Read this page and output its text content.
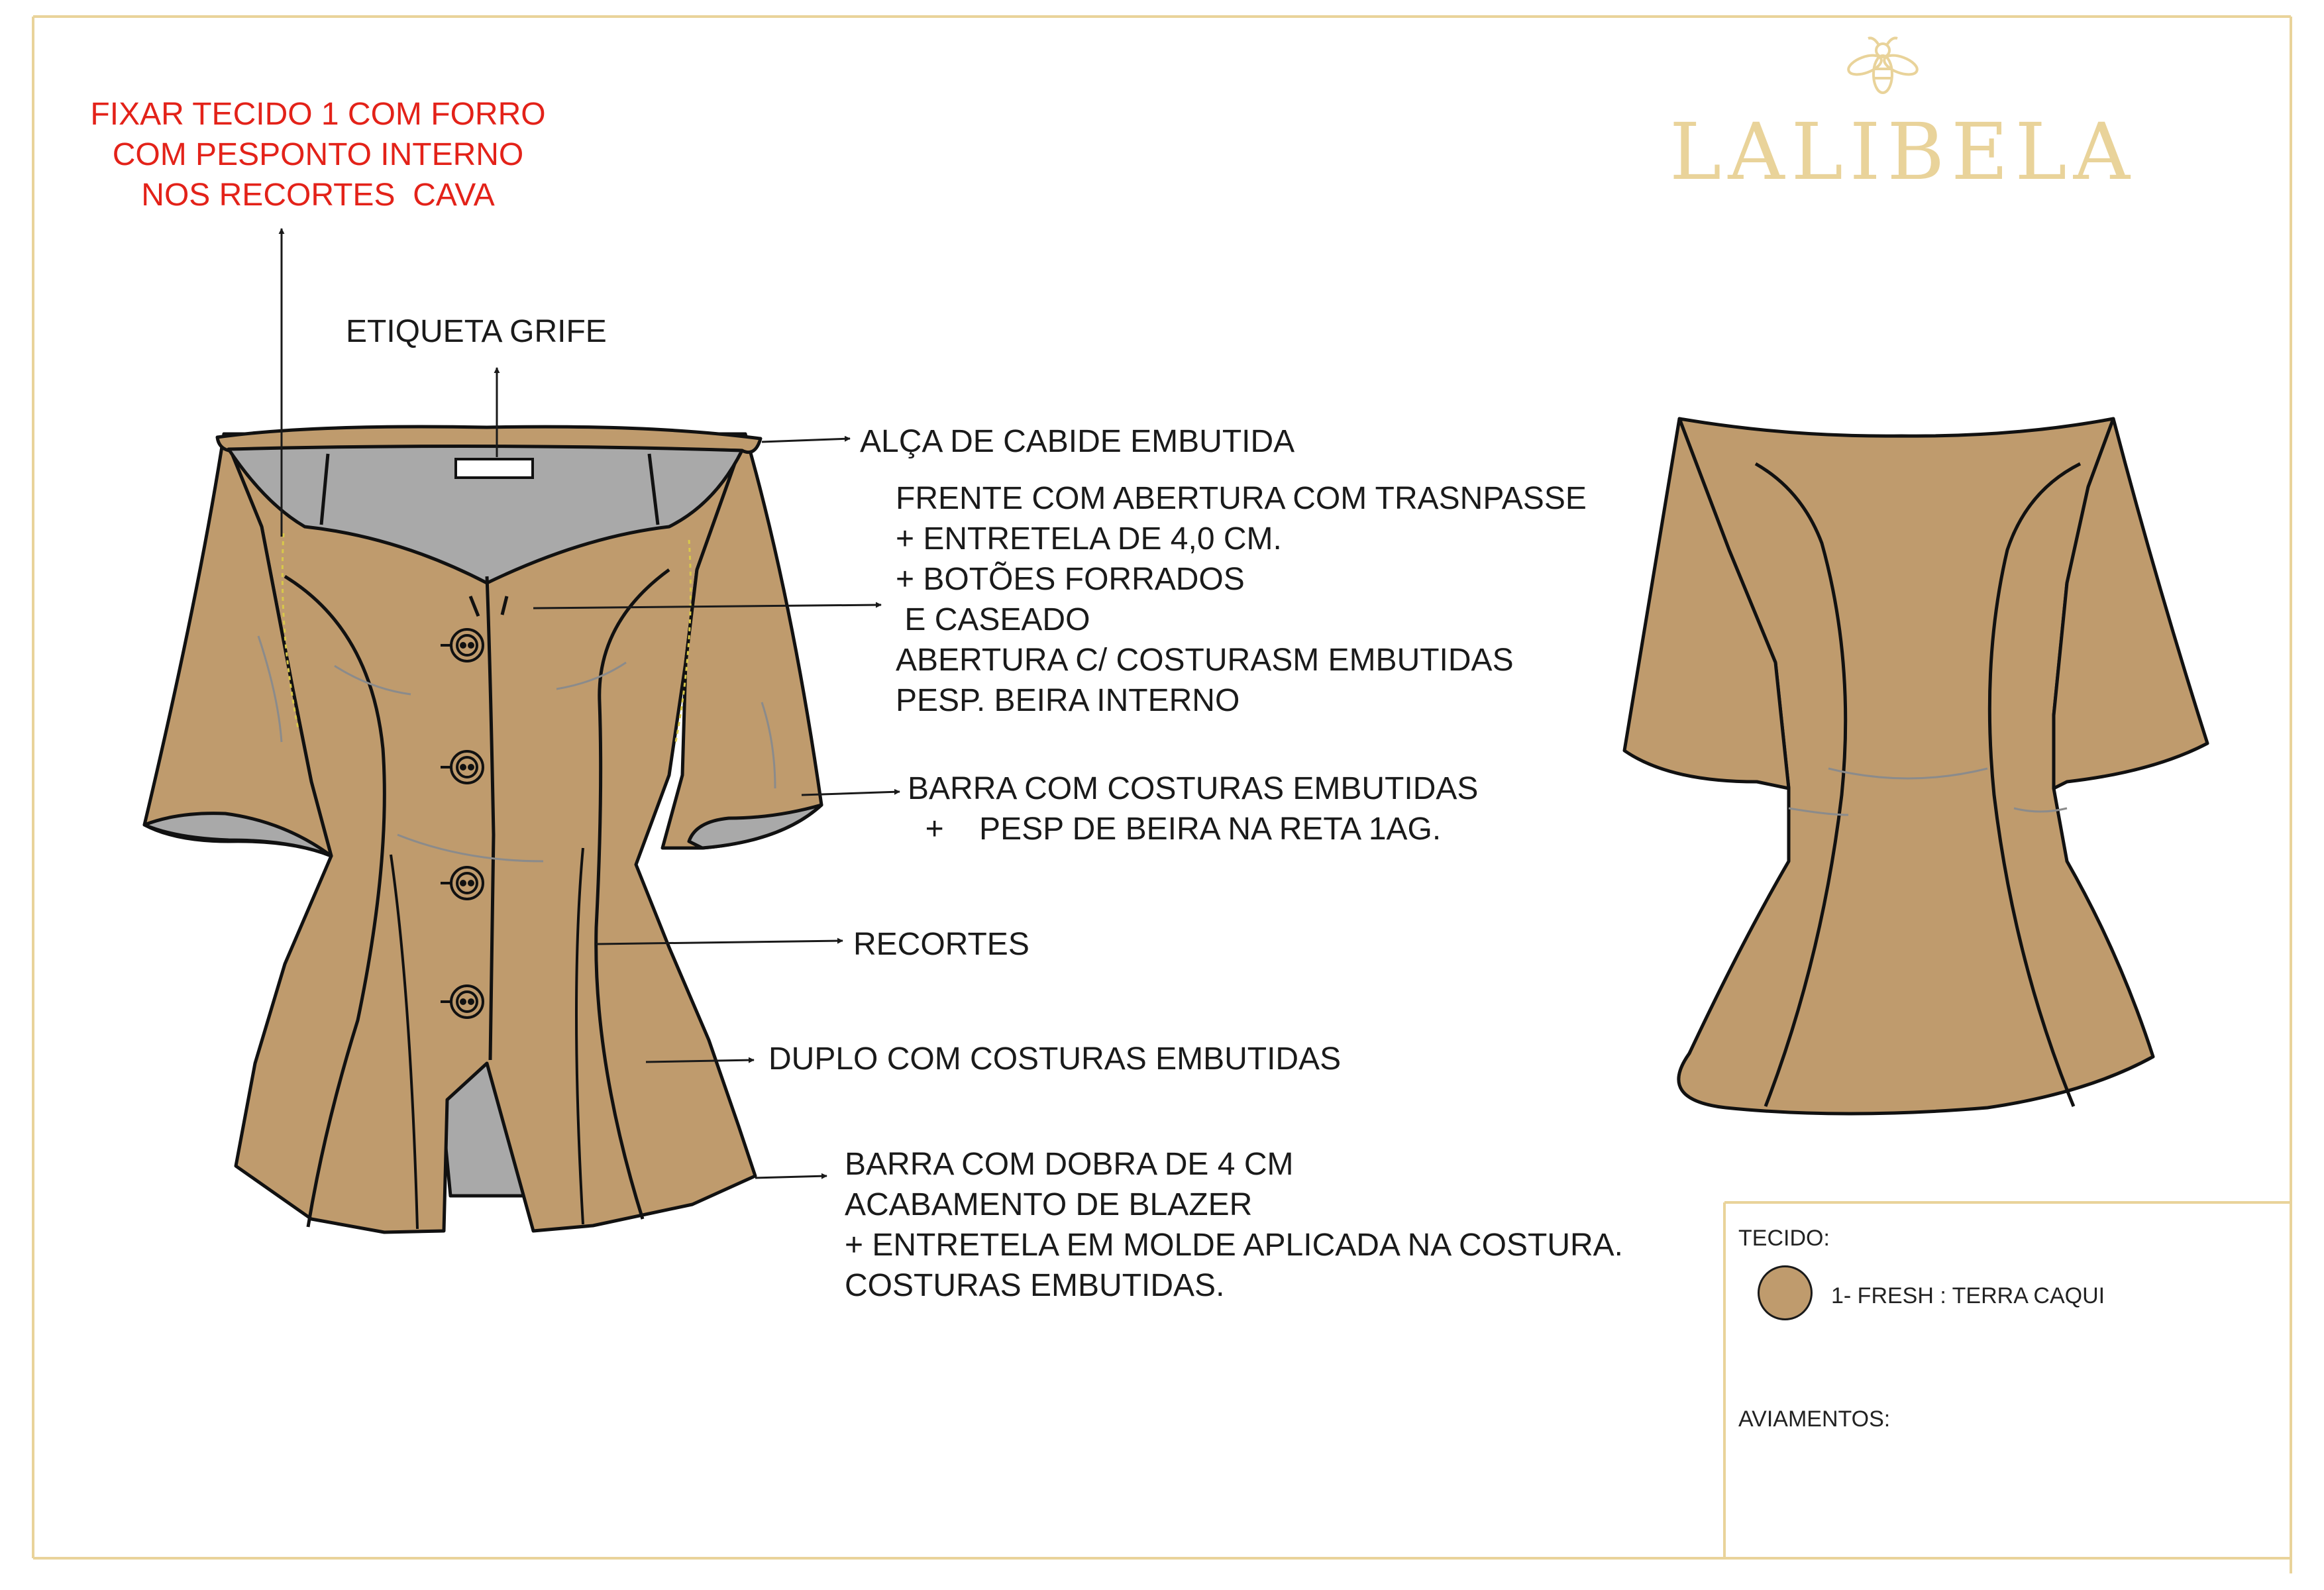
FIXAR TECIDO 1 COM FORRO
COM PESPONTO INTERNO
NOS RECORTES  CAVA
ETIQUETA GRIFE
ALÇA DE CABIDE EMBUTIDA
FRENTE COM ABERTURA COM TRASNPASSE
+ ENTRETELA DE 4,0 CM.
+ BOTÕES FORRADOS
E CASEADO
ABERTURA C/ COSTURASM EMBUTIDAS
PESP. BEIRA INTERNO
BARRA COM COSTURAS EMBUTIDAS
+    PESP DE BEIRA NA RETA 1AG.
RECORTES
DUPLO COM COSTURAS EMBUTIDAS
BARRA COM DOBRA DE 4 CM
ACABAMENTO DE BLAZER
+ ENTRETELA EM MOLDE APLICADA NA COSTURA.
COSTURAS EMBUTIDAS.
LALIBELA
TECIDO:
1- FRESH : TERRA CAQUI
AVIAMENTOS:
